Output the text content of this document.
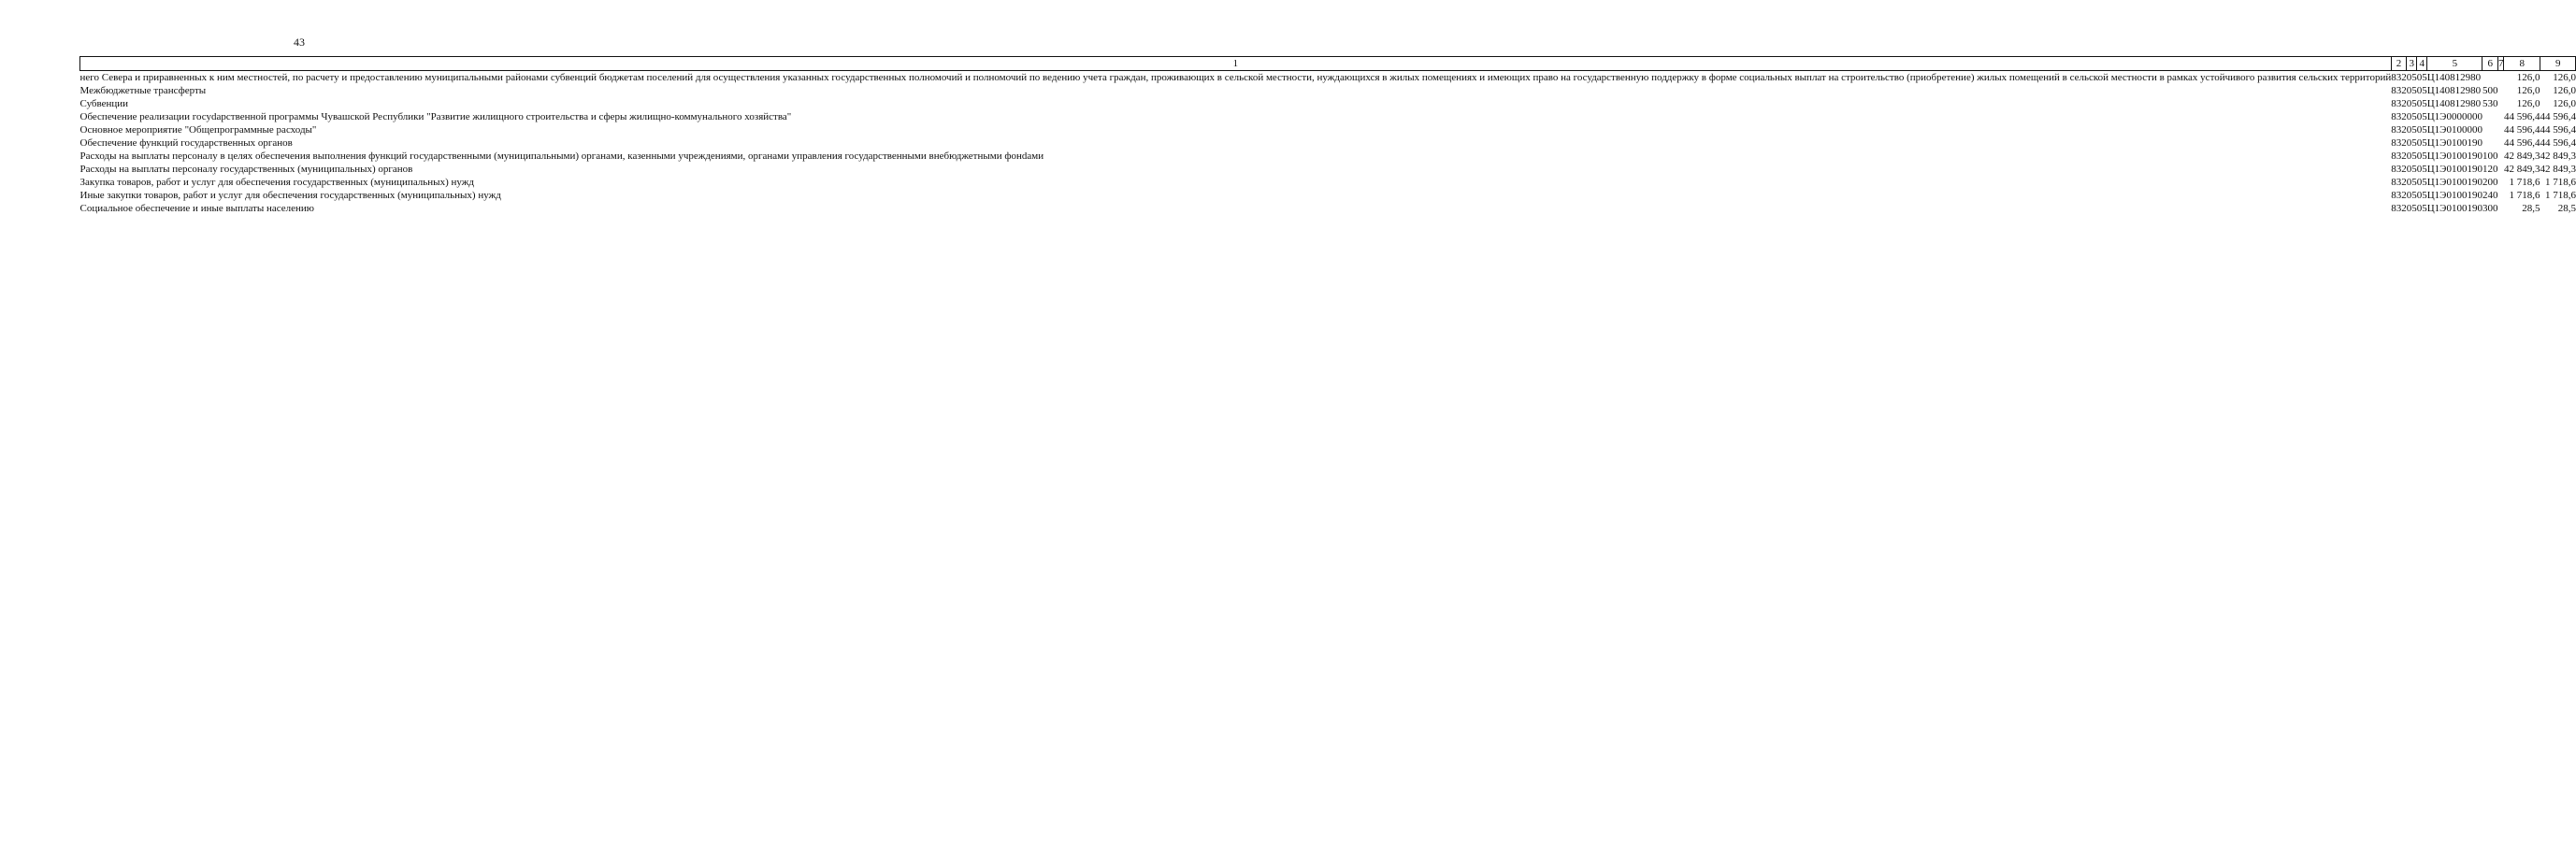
43
1	2	3	4	5	6	7	8	9
него Севера и приравненных к ним местностей, по расчету и предоставлению муниципальными районами субвенций бюджетам поселений для осуществления указанных государственных полномочий и полномочий по ведению учета граждан, проживающих в сельской местности, нуждающихся в жилых помещениях и имеющих право на государственную поддержку в форме социальных выплат на строительство (приобретение) жилых помещений в сельской местности в рамках устойчивого развития сельских территорий	832	05	05	Ц140812980			126,0	126,0
Межбюджетные трансферты	832	05	05	Ц140812980	500		126,0	126,0
Субвенции	832	05	05	Ц140812980	530		126,0	126,0
Обеспечение реализации госуdарственной программы Чувашской Республики "Развитие жилищного строительства и сферы жилищно-коммунального хозяйства"	832	05	05	Ц1Э0000000			44 596,4	44 596,4
Основное мероприятие "Общепрограммные расходы"	832	05	05	Ц1Э0100000			44 596,4	44 596,4
Обеспечение функций государственных органов	832	05	05	Ц1Э0100190			44 596,4	44 596,4
Расходы на выплаты персоналу в целях обеспечения выполнения функций государственными (муниципальными) органами, казенными учреждениями, органами управления государственными внебюджетными фонdами	832	05	05	Ц1Э0100190	100		42 849,3	42 849,3
Расходы на выплаты персоналу государственных (муниципальных) органов	832	05	05	Ц1Э0100190	120		42 849,3	42 849,3
Закупка товаров, работ и услуг для обеспечения государственных (муниципальных) нужд	832	05	05	Ц1Э0100190	200		1 718,6	1 718,6
Иные закупки товаров, работ и услуг для обеспечения государственных (муниципальных) нужд	832	05	05	Ц1Э0100190	240		1 718,6	1 718,6
Социальное обеспечение и иные выплаты населению	832	05	05	Ц1Э0100190	300		28,5	28,5
